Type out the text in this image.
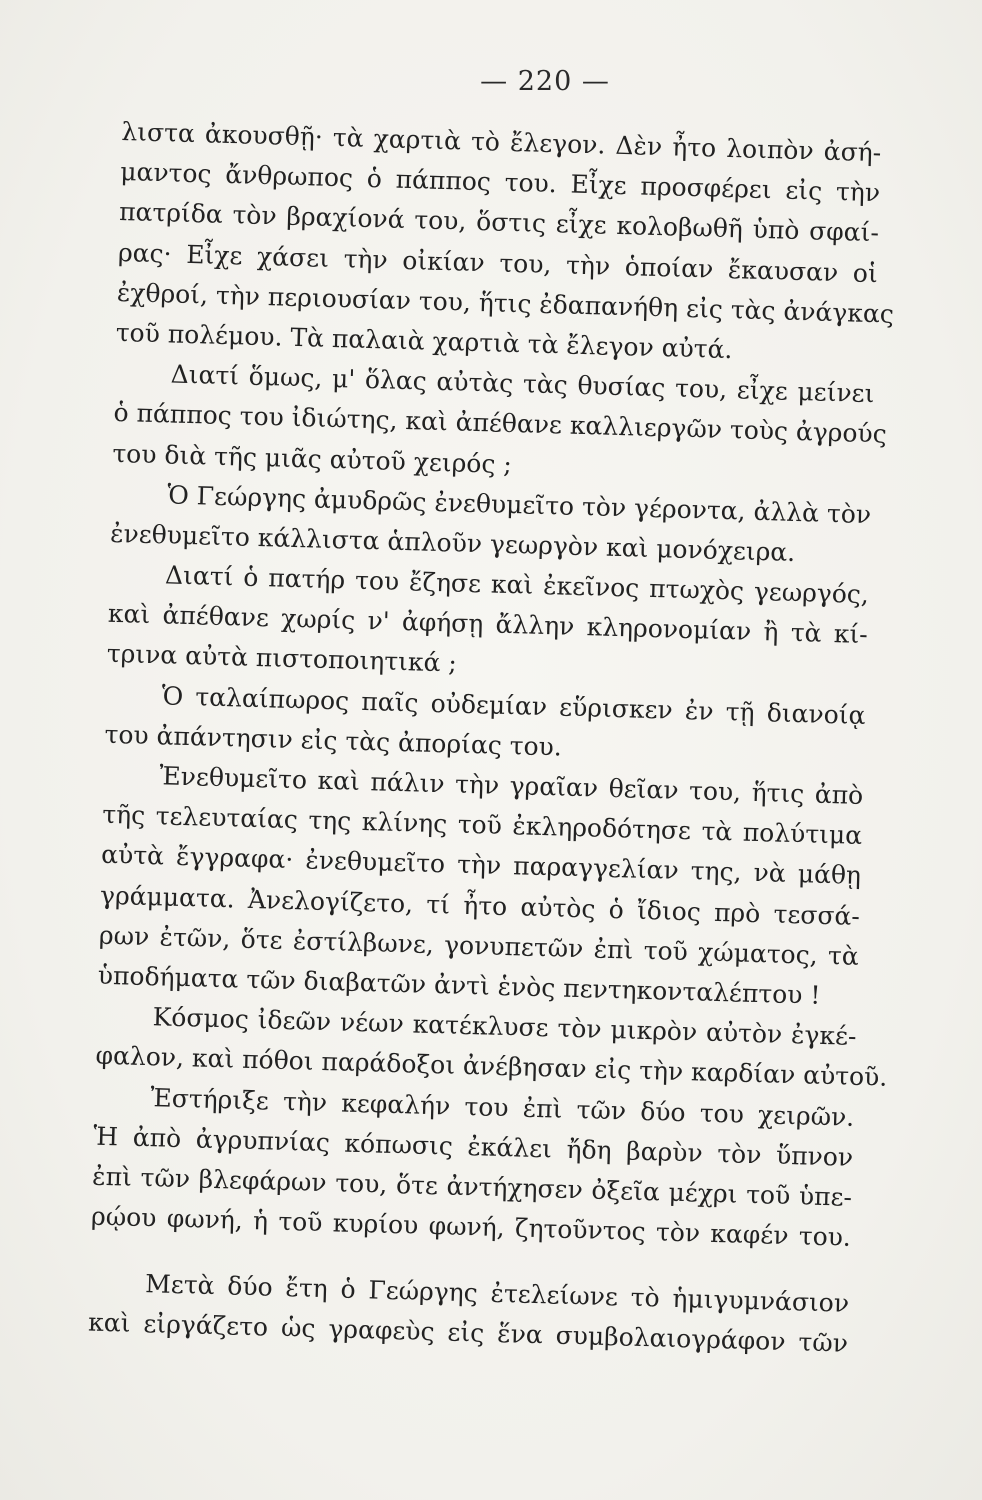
— 220 —
λιστα ἀκουσθῇ· τὰ χαρτιὰ τὸ ἔλεγον. Δὲν ἦτο λοιπὸν ἀσή-
μαντος ἄνθρωπος ὁ πάππος του. Εἶχε προσφέρει εἰς τὴν
πατρίδα τὸν βραχίονά του, ὅστις εἶχε κολοβωθῆ ὑπὸ σφαί-
ρας· Εἶχε χάσει τὴν οἰκίαν του, τὴν ὁποίαν ἔκαυσαν οἱ
ἐχθροί, τὴν περιουσίαν του, ἥτις ἐδαπανήθη εἰς τὰς ἀνάγκας
τοῦ πολέμου. Τὰ παλαιὰ χαρτιὰ τὰ ἔλεγον αὐτά.
Διατί ὅμως, μ' ὅλας αὐτὰς τὰς θυσίας του, εἶχε μείνει
ὁ πάππος του ἰδιώτης, καὶ ἀπέθανε καλλιεργῶν τοὺς ἀγρούς
του διὰ τῆς μιᾶς αὐτοῦ χειρός ;
Ὁ Γεώργης ἀμυδρῶς ἐνεθυμεῖτο τὸν γέροντα, ἀλλὰ τὸν
ἐνεθυμεῖτο κάλλιστα ἁπλοῦν γεωργὸν καὶ μονόχειρα.
Διατί ὁ πατήρ του ἔζησε καὶ ἐκεῖνος πτωχὸς γεωργός,
καὶ ἀπέθανε χωρίς ν' ἀφήσῃ ἄλλην κληρονομίαν ἢ τὰ κί-
τρινα αὐτὰ πιστοποιητικά ;
Ὁ ταλαίπωρος παῖς οὐδεμίαν εὕρισκεν ἐν τῇ διανοίᾳ
του ἀπάντησιν εἰς τὰς ἀπορίας του.
Ἐνεθυμεῖτο καὶ πάλιν τὴν γραῖαν θεῖαν του, ἥτις ἀπὸ
τῆς τελευταίας της κλίνης τοῦ ἐκληροδότησε τὰ πολύτιμα
αὐτὰ ἔγγραφα· ἐνεθυμεῖτο τὴν παραγγελίαν της, νὰ μάθῃ
γράμματα. Ἀνελογίζετο, τί ἦτο αὐτὸς ὁ ἴδιος πρὸ τεσσά-
ρων ἐτῶν, ὅτε ἐστίλβωνε, γονυπετῶν ἐπὶ τοῦ χώματος, τὰ
ὑποδήματα τῶν διαβατῶν ἀντὶ ἑνὸς πεντηκονταλέπτου !
Κόσμος ἰδεῶν νέων κατέκλυσε τὸν μικρὸν αὐτὸν ἐγκέ-
φαλον, καὶ πόθοι παράδοξοι ἀνέβησαν εἰς τὴν καρδίαν αὐτοῦ.
Ἐστήριξε τὴν κεφαλήν του ἐπὶ τῶν δύο του χειρῶν.
Ἡ ἀπὸ ἀγρυπνίας κόπωσις ἐκάλει ἤδη βαρὺν τὸν ὕπνον
ἐπὶ τῶν βλεφάρων του, ὅτε ἀντήχησεν ὀξεῖα μέχρι τοῦ ὑπε-
ρῴου φωνή, ἡ τοῦ κυρίου φωνή, ζητοῦντος τὸν καφέν του.
Μετὰ δύο ἔτη ὁ Γεώργης ἐτελείωνε τὸ ἡμιγυμνάσιον
καὶ εἰργάζετο ὡς γραφεὺς εἰς ἕνα συμβολαιογράφον τῶν
